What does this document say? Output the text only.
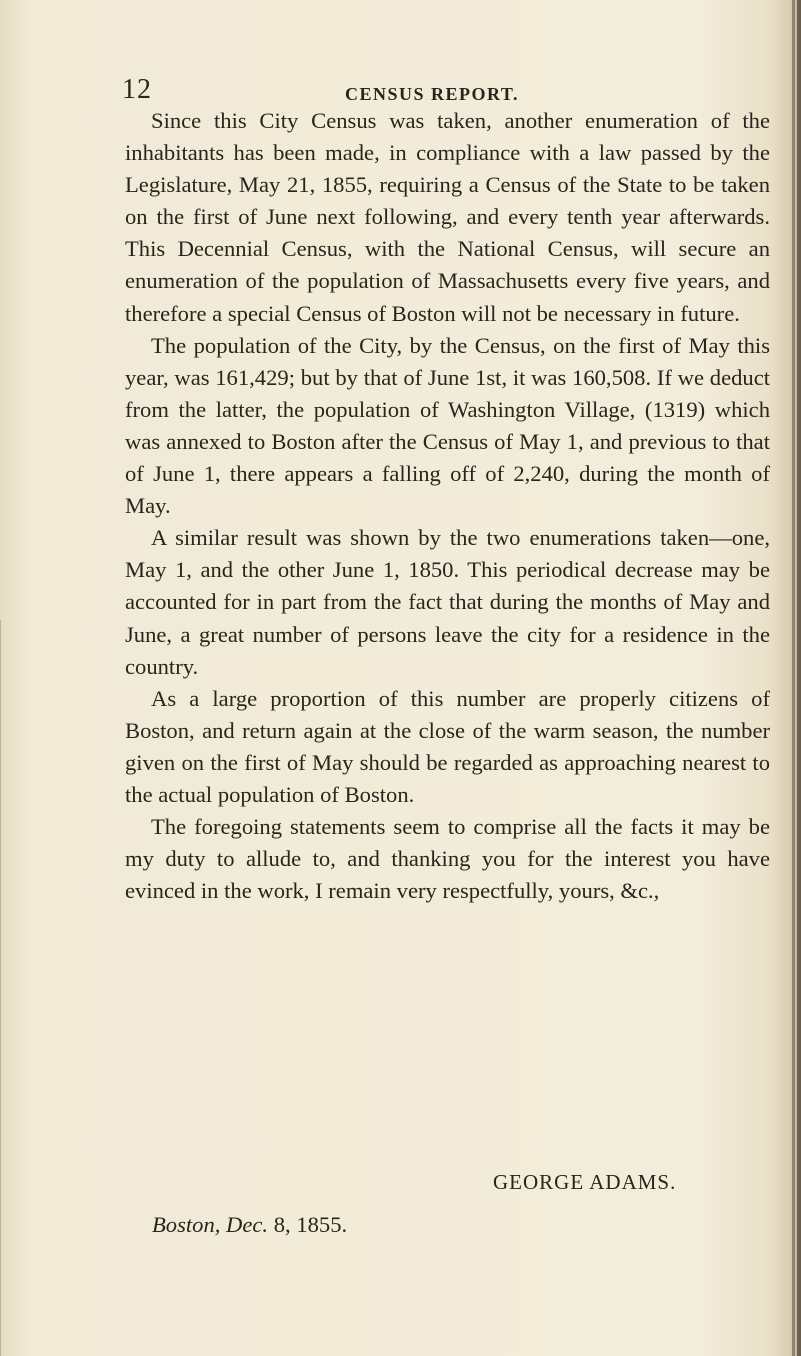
12	CENSUS REPORT.

Since this City Census was taken, another enumeration of the inhabitants has been made, in compliance with a law passed by the Legislature, May 21, 1855, requiring a Census of the State to be taken on the first of June next following, and every tenth year afterwards. This Decennial Census, with the National Census, will secure an enumeration of the population of Massachusetts every five years, and therefore a special Census of Boston will not be necessary in future.

The population of the City, by the Census, on the first of May this year, was 161,429; but by that of June 1st, it was 160,508. If we deduct from the latter, the population of Washington Village, (1319) which was annexed to Boston after the Census of May 1, and previous to that of June 1, there appears a falling off of 2,240, during the month of May.

A similar result was shown by the two enumerations taken—one, May 1, and the other June 1, 1850. This periodical decrease may be accounted for in part from the fact that during the months of May and June, a great number of persons leave the city for a residence in the country.

As a large proportion of this number are properly citizens of Boston, and return again at the close of the warm season, the number given on the first of May should be regarded as approaching nearest to the actual population of Boston.

The foregoing statements seem to comprise all the facts it may be my duty to allude to, and thanking you for the interest you have evinced in the work, I remain very respectfully, yours, &c.,

GEORGE ADAMS.
Boston, Dec. 8, 1855.
